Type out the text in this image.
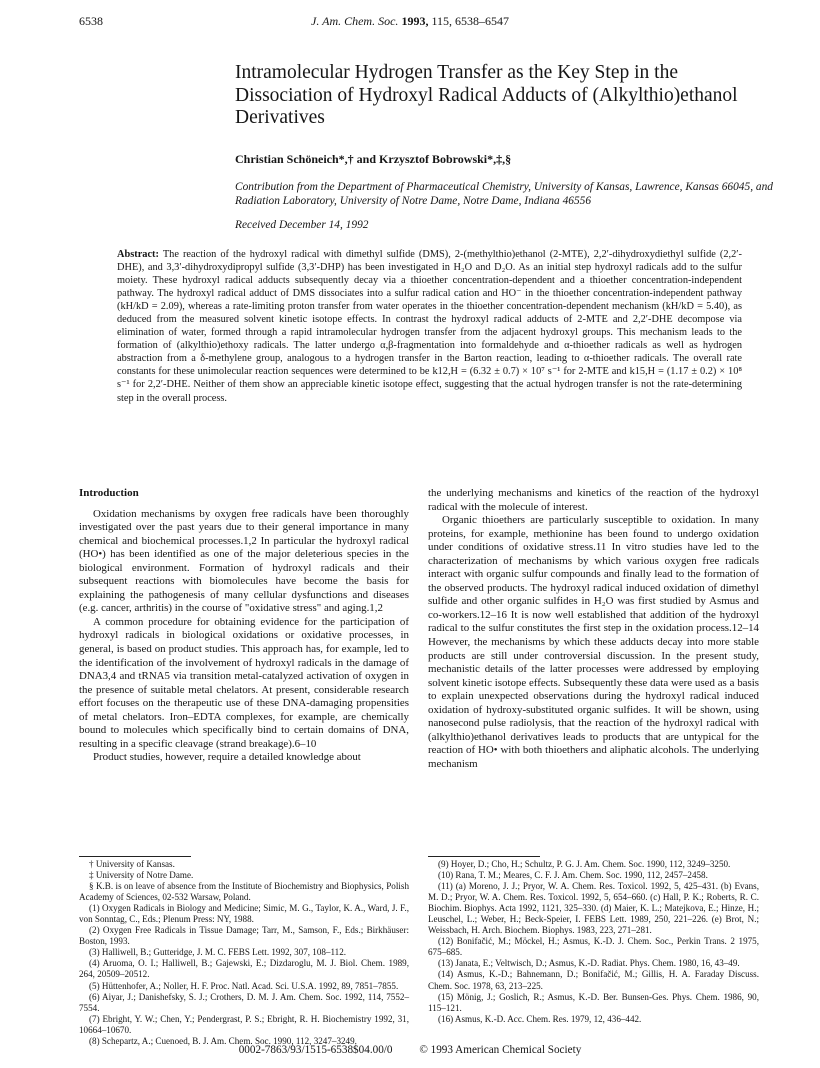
6538	J. Am. Chem. Soc. 1993, 115, 6538–6547
Intramolecular Hydrogen Transfer as the Key Step in the Dissociation of Hydroxyl Radical Adducts of (Alkylthio)ethanol Derivatives
Christian Schöneich*,† and Krzysztof Bobrowski*,‡,§
Contribution from the Department of Pharmaceutical Chemistry, University of Kansas, Lawrence, Kansas 66045, and Radiation Laboratory, University of Notre Dame, Notre Dame, Indiana 46556
Received December 14, 1992

Abstract: The reaction of the hydroxyl radical with dimethyl sulfide (DMS), 2-(methylthio)ethanol (2-MTE), 2,2′-dihydroxydiethyl sulfide (2,2′-DHE), and 3,3′-dihydroxydipropyl sulfide (3,3′-DHP) has been investigated in H₂O and D₂O. As an initial step hydroxyl radicals add to the sulfur moiety. These hydroxyl radical adducts subsequently decay via a thioether concentration-dependent and a thioether concentration-independent pathway. The hydroxyl radical adduct of DMS dissociates into a sulfur radical cation and HO⁻ in the thioether concentration-independent pathway (kH/kD = 2.09), whereas a rate-limiting proton transfer from water operates in the thioether concentration-dependent mechanism (kH/kD = 5.40), as deduced from the measured solvent kinetic isotope effects. In contrast the hydroxyl radical adducts of 2-MTE and 2,2′-DHE decompose via elimination of water, formed through a rapid intramolecular hydrogen transfer from the adjacent hydroxyl groups. This mechanism leads to the formation of (alkylthio)ethoxy radicals. The latter undergo α,β-fragmentation into formaldehyde and α-thioether radicals as well as hydrogen abstraction from a δ-methylene group, analogous to a hydrogen transfer in the Barton reaction, leading to α-thioether radicals. The overall rate constants for these unimolecular reaction sequences were determined to be k12,H = (6.32 ± 0.7) × 10⁷ s⁻¹ for 2-MTE and k15,H = (1.17 ± 0.2) × 10⁸ s⁻¹ for 2,2′-DHE. Neither of them show an appreciable kinetic isotope effect, suggesting that the actual hydrogen transfer is not the rate-determining step in the overall process.

Introduction

Oxidation mechanisms by oxygen free radicals have been thoroughly investigated over the past years due to their general importance in many chemical and biochemical processes.1,2 In particular the hydroxyl radical (HO•) has been identified as one of the major deleterious species in the biological environment. Formation of hydroxyl radicals and their subsequent reactions with biomolecules have become the basis for explaining the pathogenesis of many cellular dysfunctions and diseases (e.g. cancer, arthritis) in the course of "oxidative stress" and aging.1,2

A common procedure for obtaining evidence for the participation of hydroxyl radicals in biological oxidations or oxidative processes, in general, is based on product studies. This approach has, for example, led to the identification of the involvement of hydroxyl radicals in the damage of DNA3,4 and tRNA5 via transition metal-catalyzed activation of oxygen in the presence of suitable metal chelators. At present, considerable research effort focuses on the therapeutic use of these DNA-damaging propensities of metal chelators. Iron–EDTA complexes, for example, are chemically bound to molecules which specifically bind to certain domains of DNA, resulting in a specific cleavage (strand breakage).6–10

Product studies, however, require a detailed knowledge about

the underlying mechanisms and kinetics of the reaction of the hydroxyl radical with the molecule of interest.

Organic thioethers are particularly susceptible to oxidation. In many proteins, for example, methionine has been found to undergo oxidation under conditions of oxidative stress.11 In vitro studies have led to the characterization of mechanisms by which various oxygen free radicals interact with organic sulfur compounds and finally lead to the formation of the observed products. The hydroxyl radical induced oxidation of dimethyl sulfide and other organic sulfides in H₂O was first studied by Asmus and co-workers.12–16 It is now well established that addition of the hydroxyl radical to the sulfur constitutes the first step in the oxidation process.12–14 However, the mechanisms by which these adducts decay into more stable products are still under controversial discussion. In the present study, mechanistic details of the latter processes were addressed by employing solvent kinetic isotope effects. Subsequently these data were used as a basis to explain unexpected observations during the hydroxyl radical induced oxidation of hydroxy-substituted organic sulfides. It will be shown, using nanosecond pulse radiolysis, that the reaction of the hydroxyl radical with (alkylthio)ethanol derivatives leads to products that are untypical for the reaction of HO• with both thioethers and aliphatic alcohols. The underlying mechanism

† University of Kansas.
‡ University of Notre Dame.
§ K.B. is on leave of absence from the Institute of Biochemistry and Biophysics, Polish Academy of Sciences, 02-532 Warsaw, Poland.
(1) Oxygen Radicals in Biology and Medicine; Simic, M. G., Taylor, K. A., Ward, J. F., von Sonntag, C., Eds.; Plenum Press: NY, 1988.
(2) Oxygen Free Radicals in Tissue Damage; Tarr, M., Samson, F., Eds.; Birkhäuser: Boston, 1993.
(3) Halliwell, B.; Gutteridge, J. M. C. FEBS Lett. 1992, 307, 108–112.
(4) Aruoma, O. I.; Halliwell, B.; Gajewski, E.; Dizdaroglu, M. J. Biol. Chem. 1989, 264, 20509–20512.
(5) Hüttenhofer, A.; Noller, H. F. Proc. Natl. Acad. Sci. U.S.A. 1992, 89, 7851–7855.
(6) Aiyar, J.; Danishefsky, S. J.; Crothers, D. M. J. Am. Chem. Soc. 1992, 114, 7552–7554.
(7) Ebright, Y. W.; Chen, Y.; Pendergrast, P. S.; Ebright, R. H. Biochemistry 1992, 31, 10664–10670.
(8) Schepartz, A.; Cuenoed, B. J. Am. Chem. Soc. 1990, 112, 3247–3249.
(9) Hoyer, D.; Cho, H.; Schultz, P. G. J. Am. Chem. Soc. 1990, 112, 3249–3250.
(10) Rana, T. M.; Meares, C. F. J. Am. Chem. Soc. 1990, 112, 2457–2458.
(11) (a) Moreno, J. J.; Pryor, W. A. Chem. Res. Toxicol. 1992, 5, 425–431. (b) Evans, M. D.; Pryor, W. A. Chem. Res. Toxicol. 1992, 5, 654–660. (c) Hall, P. K.; Roberts, R. C. Biochim. Biophys. Acta 1992, 1121, 325–330. (d) Maier, K. L.; Matejkova, E.; Hinze, H.; Leuschel, L.; Weber, H.; Beck-Speier, I. FEBS Lett. 1989, 250, 221–226. (e) Brot, N.; Weissbach, H. Arch. Biochem. Biophys. 1983, 223, 271–281.
(12) Bonifačić, M.; Möckel, H.; Asmus, K.-D. J. Chem. Soc., Perkin Trans. 2 1975, 675–685.
(13) Janata, E.; Veltwisch, D.; Asmus, K.-D. Radiat. Phys. Chem. 1980, 16, 43–49.
(14) Asmus, K.-D.; Bahnemann, D.; Bonifačić, M.; Gillis, H. A. Faraday Discuss. Chem. Soc. 1978, 63, 213–225.
(15) Mönig, J.; Goslich, R.; Asmus, K.-D. Ber. Bunsen-Ges. Phys. Chem. 1986, 90, 115–121.
(16) Asmus, K.-D. Acc. Chem. Res. 1979, 12, 436–442.
0002-7863/93/1515-6538$04.00/0 © 1993 American Chemical Society
